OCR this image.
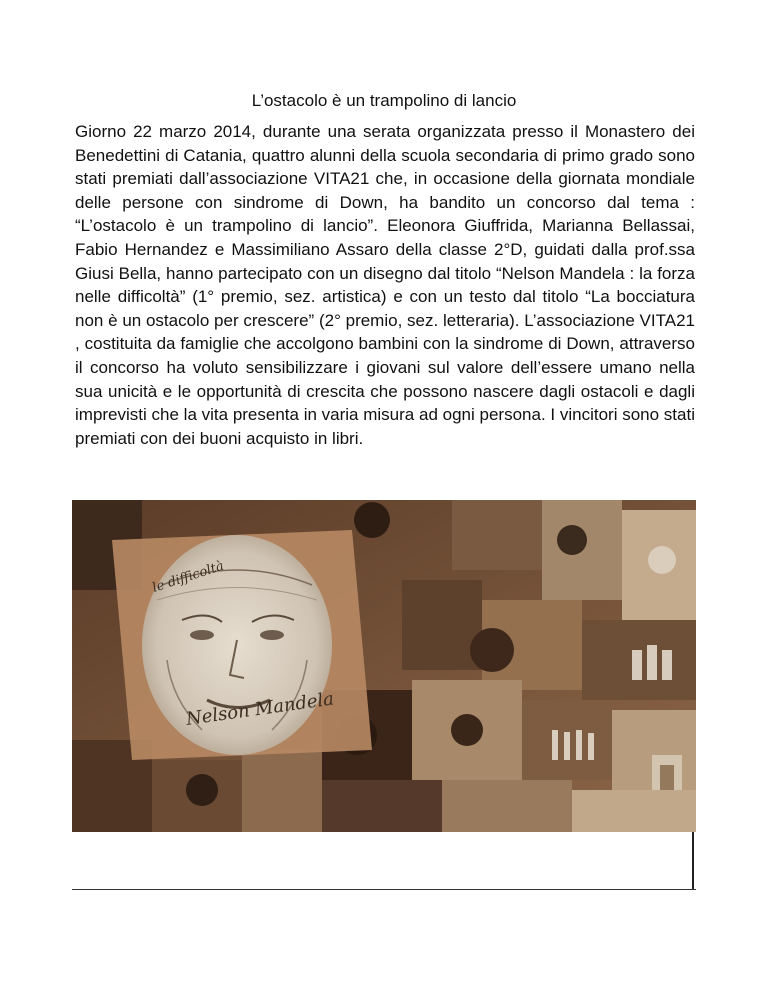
L’ostacolo è un trampolino di lancio

Giorno 22 marzo 2014, durante una serata organizzata presso il Monastero dei Benedettini di Catania, quattro alunni della scuola secondaria di primo grado sono stati premiati dall’associazione VITA21 che, in occasione della giornata mondiale delle persone con sindrome di Down, ha bandito un concorso dal tema : “L’ostacolo è un trampolino di lancio”. Eleonora Giuffrida, Marianna Bellassai, Fabio Hernandez e Massimiliano Assaro della classe 2°D, guidati dalla prof.ssa Giusi Bella, hanno partecipato con un disegno dal titolo “Nelson Mandela : la forza nelle difficoltà” (1° premio, sez. artistica) e con un testo dal titolo “La bocciatura non è un ostacolo per crescere” (2° premio, sez. letteraria). L’associazione VITA21 , costituita da famiglie che accolgono bambini con la sindrome di Down, attraverso il concorso ha voluto sensibilizzare i giovani sul valore dell’essere umano nella sua unicità e le opportunità di crescita che possono nascere dagli ostacoli e dagli imprevisti che la vita presenta in varia misura ad ogni persona. I vincitori sono stati premiati con dei buoni acquisto in libri.

le difficoltà
Nelson Mandela
